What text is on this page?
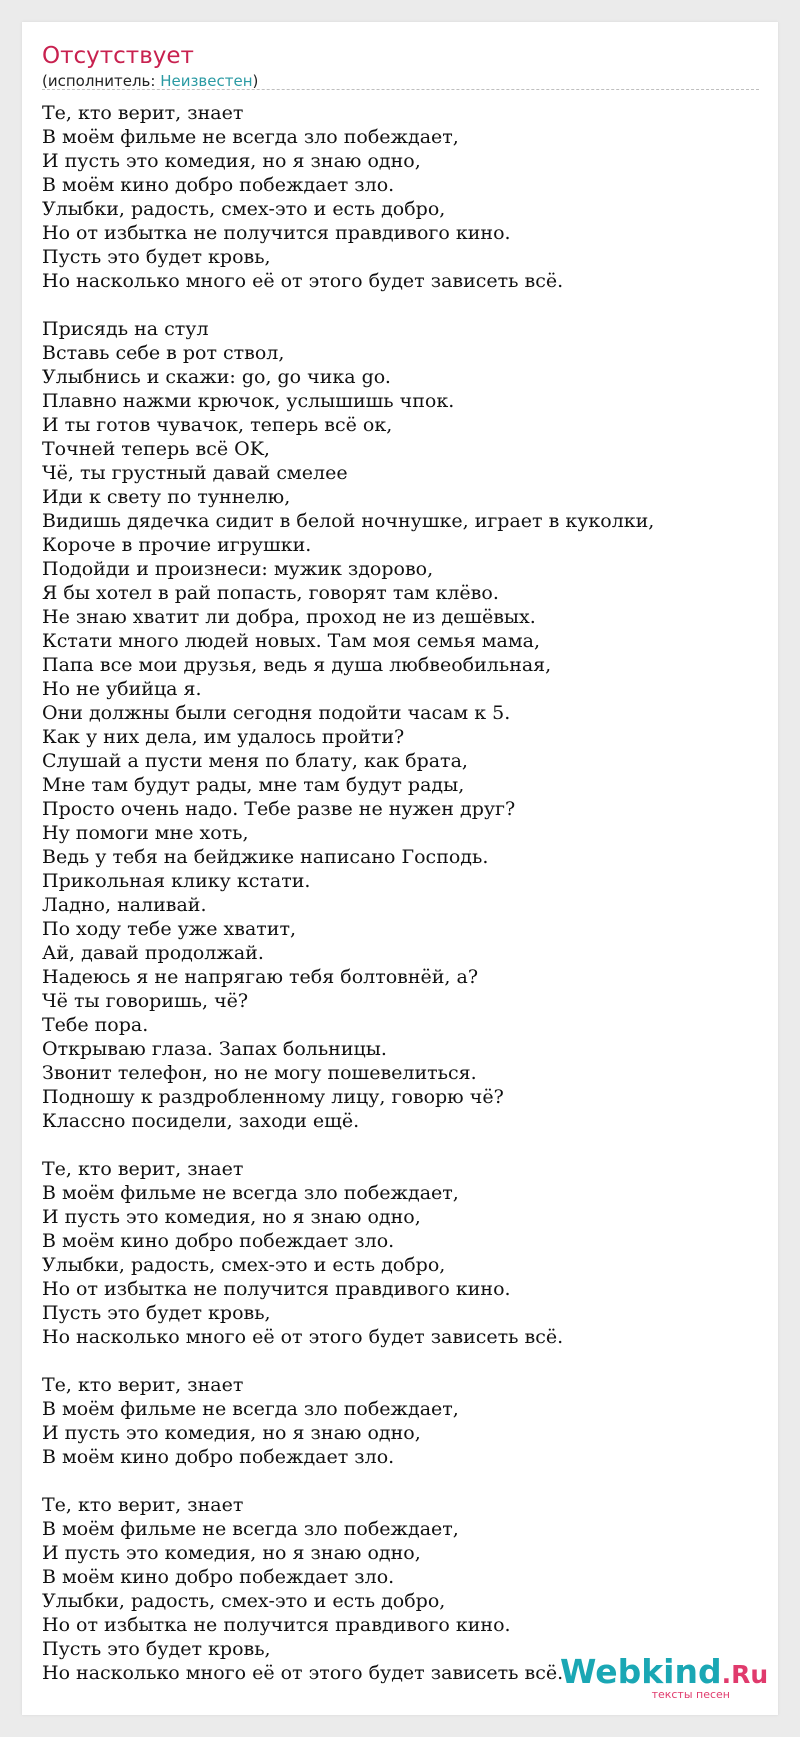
Отсутствует
(исполнитель: Неизвестен)
Те, кто верит, знает
В моём фильме не всегда зло побеждает,
И пусть это комедия, но я знаю одно,
В моём кино добро побеждает зло.
Улыбки, радость, смех-это и есть добро,
Но от избытка не получится правдивого кино.
Пусть это будет кровь,
Но насколько много её от этого будет зависеть всё.
Присядь на стул
Вставь себе в рот ствол,
Улыбнись и скажи: go, go чика go.
Плавно нажми крючок, услышишь чпок.
И ты готов чувачок, теперь всё ок,
Точней теперь всё OK,
Чё, ты грустный давай смелее
Иди к свету по туннелю,
Видишь дядечка сидит в белой ночнушке, играет в куколки,
Короче в прочие игрушки.
Подойди и произнеси: мужик здорово,
Я бы хотел в рай попасть, говорят там клёво.
Не знаю хватит ли добра, проход не из дешёвых.
Кстати много людей новых. Там моя семья мама,
Папа все мои друзья, ведь я душа любвеобильная,
Но не убийца я.
Они должны были сегодня подойти часам к 5.
Как у них дела, им удалось пройти?
Слушай а пусти меня по блату, как брата,
Мне там будут рады, мне там будут рады,
Просто очень надо. Тебе разве не нужен друг?
Ну помоги мне хоть,
Ведь у тебя на бейджике написано Господь.
Прикольная клику кстати.
Ладно, наливай.
По ходу тебе уже хватит,
Ай, давай продолжай.
Надеюсь я не напрягаю тебя болтовнёй, а?
Чё ты говоришь, чё?
Тебе пора.
Открываю глаза. Запах больницы.
Звонит телефон, но не могу пошевелиться.
Подношу к раздробленному лицу, говорю чё?
Классно посидели, заходи ещё.
Те, кто верит, знает
В моём фильме не всегда зло побеждает,
И пусть это комедия, но я знаю одно,
В моём кино добро побеждает зло.
Улыбки, радость, смех-это и есть добро,
Но от избытка не получится правдивого кино.
Пусть это будет кровь,
Но насколько много её от этого будет зависеть всё.
Те, кто верит, знает
В моём фильме не всегда зло побеждает,
И пусть это комедия, но я знаю одно,
В моём кино добро побеждает зло.
Те, кто верит, знает
В моём фильме не всегда зло побеждает,
И пусть это комедия, но я знаю одно,
В моём кино добро побеждает зло.
Улыбки, радость, смех-это и есть добро,
Но от избытка не получится правдивого кино.
Пусть это будет кровь,
Но насколько много её от этого будет зависеть всё.
Webkind.Ru
тексты песен
